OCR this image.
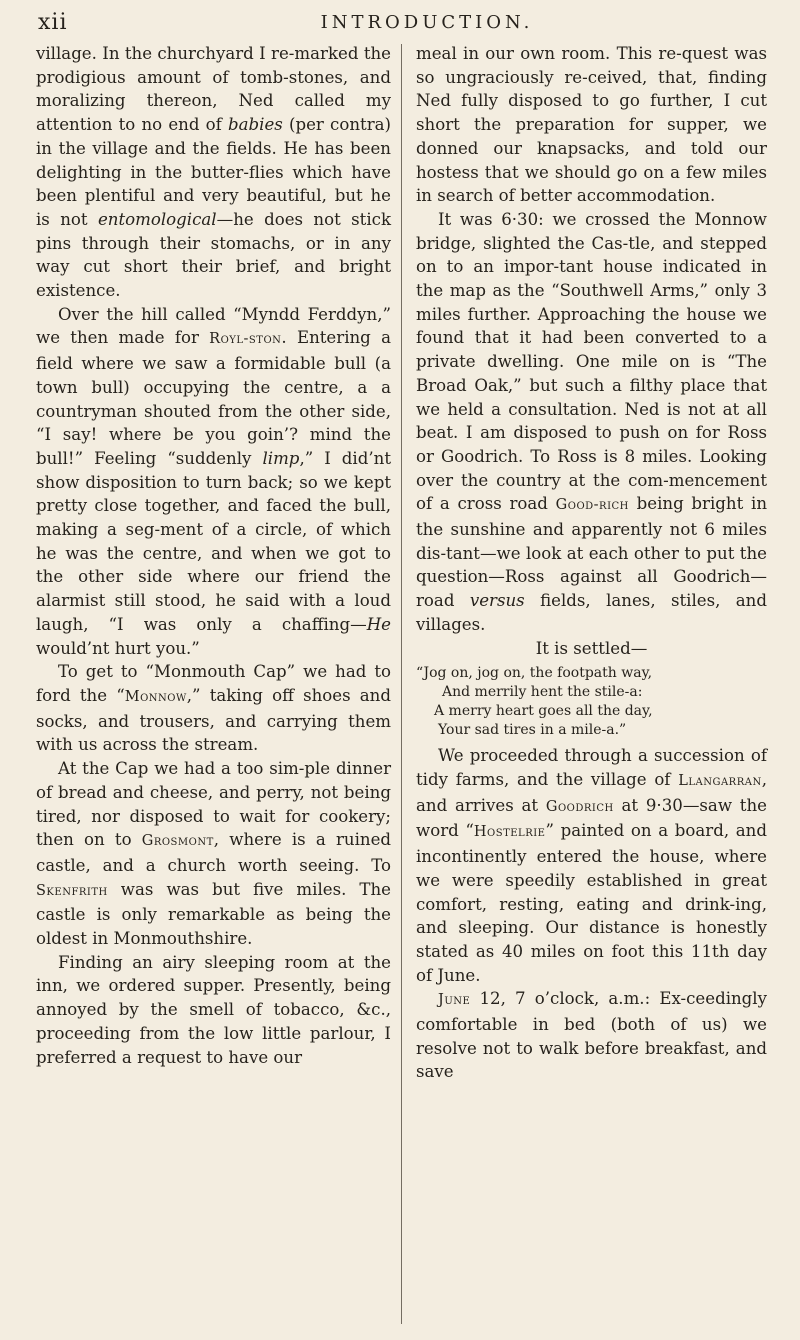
xii	INTRODUCTION.

village. In the churchyard I re-marked the prodigious amount of tomb-stones, and moralizing thereon, Ned called my attention to no end of babies (per contra) in the village and the fields. He has been delighting in the butter-flies which have been plentiful and very beautiful, but he is not entomological—he does not stick pins through their stomachs, or in any way cut short their brief, and bright existence.

Over the hill called “Myndd Ferddyn,” we then made for Royl-ston. Entering a field where we saw a formidable bull (a town bull) occupying the centre, a a countryman shouted from the other side, “I say! where be you goin’? mind the bull!” Feeling “suddenly limp,” I did’nt show disposition to turn back; so we kept pretty close together, and faced the bull, making a seg-ment of a circle, of which he was the centre, and when we got to the other side where our friend the alarmist still stood, he said with a loud laugh, “I was only a chaffing—He would’nt hurt you.”

To get to “Monmouth Cap” we had to ford the “Monnow,” taking off shoes and socks, and trousers, and carrying them with us across the stream.

At the Cap we had a too sim-ple dinner of bread and cheese, and perry, not being tired, nor disposed to wait for cookery; then on to Grosmont, where is a ruined castle, and a church worth seeing. To Skenfrith was was but five miles. The castle is only remarkable as being the oldest in Monmouthshire.

Finding an airy sleeping room at the inn, we ordered supper. Presently, being annoyed by the smell of tobacco, &c., proceeding from the low little parlour, I preferred a request to have our

meal in our own room. This re-quest was so ungraciously re-ceived, that, finding Ned fully disposed to go further, I cut short the preparation for supper, we donned our knapsacks, and told our hostess that we should go on a few miles in search of better accommodation.

It was 6·30: we crossed the Monnow bridge, slighted the Cas-tle, and stepped on to an impor-tant house indicated in the map as the “Southwell Arms,” only 3 miles further. Approaching the house we found that it had been converted to a private dwelling. One mile on is “The Broad Oak,” but such a filthy place that we held a consultation. Ned is not at all beat. I am disposed to push on for Ross or Goodrich. To Ross is 8 miles. Looking over the country at the com-mencement of a cross road Good-rich being bright in the sunshine and apparently not 6 miles dis-tant—we look at each other to put the question—Ross against all Goodrich—road versus fields, lanes, stiles, and villages.

It is settled—

“Jog on, jog on, the footpath way,
And merrily hent the stile-a:
A merry heart goes all the day,
Your sad tires in a mile-a.”

We proceeded through a succession of tidy farms, and the village of Llangarran, and arrives at Goodrich at 9·30—saw the word “Hostelrie” painted on a board, and incontinently entered the house, where we were speedily established in great comfort, resting, eating and drink-ing, and sleeping. Our distance is honestly stated as 40 miles on foot this 11th day of June.

June 12, 7 o’clock, a.m.: Ex-ceedingly comfortable in bed (both of us) we resolve not to walk before breakfast, and save
